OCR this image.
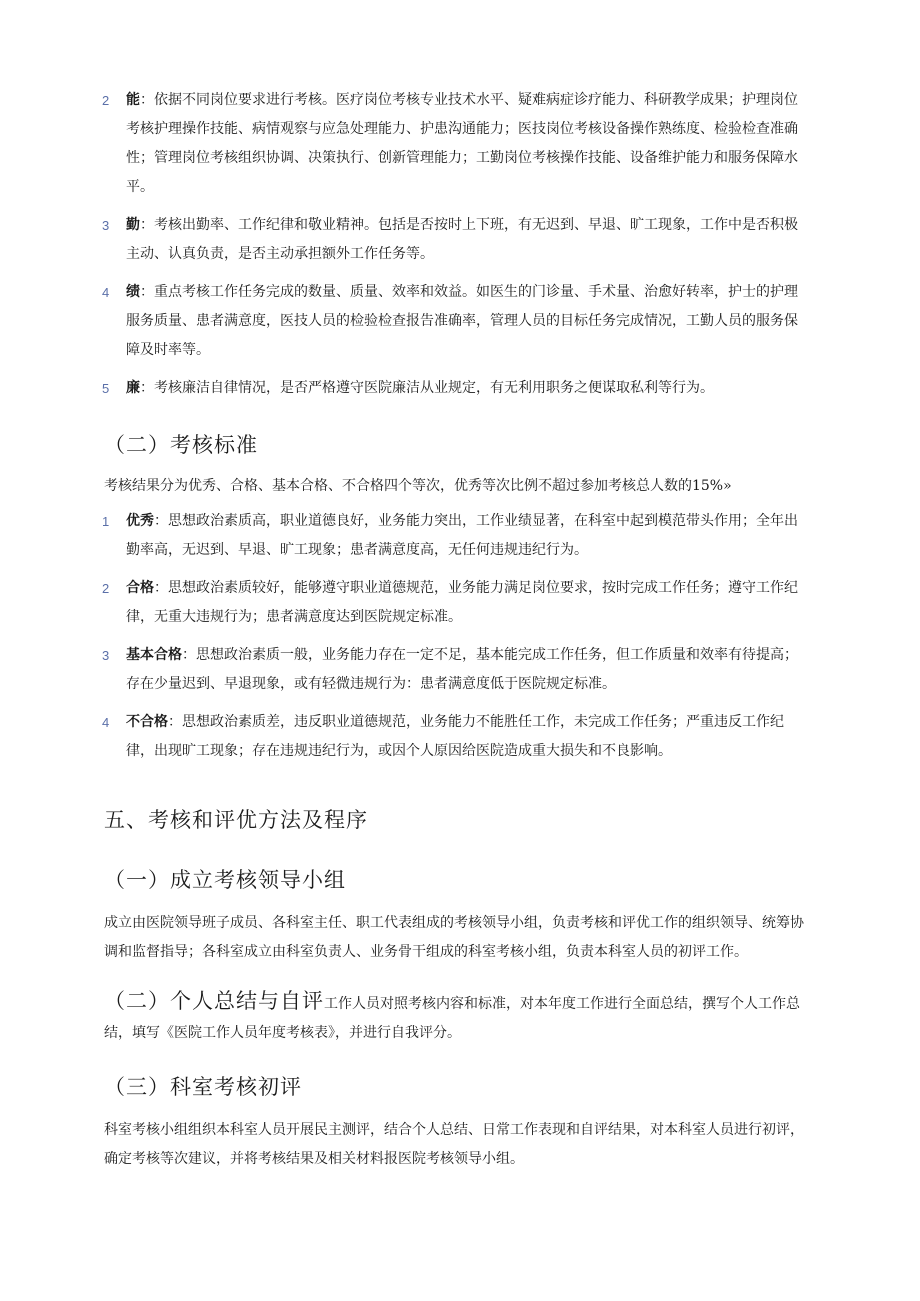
2 能：依据不同岗位要求进行考核。医疗岗位考核专业技术水平、疑难病症诊疗能力、科研教学成果；护理岗位考核护理操作技能、病情观察与应急处理能力、护患沟通能力；医技岗位考核设备操作熟练度、检验检查准确性；管理岗位考核组织协调、决策执行、创新管理能力；工勤岗位考核操作技能、设备维护能力和服务保障水平。
3 勤：考核出勤率、工作纪律和敬业精神。包括是否按时上下班，有无迟到、早退、旷工现象，工作中是否积极主动、认真负责，是否主动承担额外工作任务等。
4 绩：重点考核工作任务完成的数量、质量、效率和效益。如医生的门诊量、手术量、治愈好转率，护士的护理服务质量、患者满意度，医技人员的检验检查报告准确率，管理人员的目标任务完成情况，工勤人员的服务保障及时率等。
5 廉：考核廉洁自律情况，是否严格遵守医院廉洁从业规定，有无利用职务之便谋取私利等行为。

（二）考核标准

考核结果分为优秀、合格、基本合格、不合格四个等次，优秀等次比例不超过参加考核总人数的15%»

1 优秀：思想政治素质高，职业道德良好，业务能力突出，工作业绩显著，在科室中起到模范带头作用；全年出勤率高，无迟到、早退、旷工现象；患者满意度高，无任何违规违纪行为。
2 合格：思想政治素质较好，能够遵守职业道德规范，业务能力满足岗位要求，按时完成工作任务；遵守工作纪律，无重大违规行为；患者满意度达到医院规定标准。
3 基本合格：思想政治素质一般，业务能力存在一定不足，基本能完成工作任务，但工作质量和效率有待提高；存在少量迟到、早退现象，或有轻微违规行为：患者满意度低于医院规定标准。
4 不合格：思想政治素质差，违反职业道德规范，业务能力不能胜任工作，未完成工作任务；严重违反工作纪律，出现旷工现象；存在违规违纪行为，或因个人原因给医院造成重大损失和不良影响。

五、考核和评优方法及程序

（一）成立考核领导小组

成立由医院领导班子成员、各科室主任、职工代表组成的考核领导小组，负责考核和评优工作的组织领导、统筹协调和监督指导；各科室成立由科室负责人、业务骨干组成的科室考核小组，负责本科室人员的初评工作。

（二）个人总结与自评工作人员对照考核内容和标准，对本年度工作进行全面总结，撰写个人工作总结，填写《医院工作人员年度考核表》，并进行自我评分。

（三）科室考核初评

科室考核小组组织本科室人员开展民主测评，结合个人总结、日常工作表现和自评结果，对本科室人员进行初评，确定考核等次建议，并将考核结果及相关材料报医院考核领导小组。
